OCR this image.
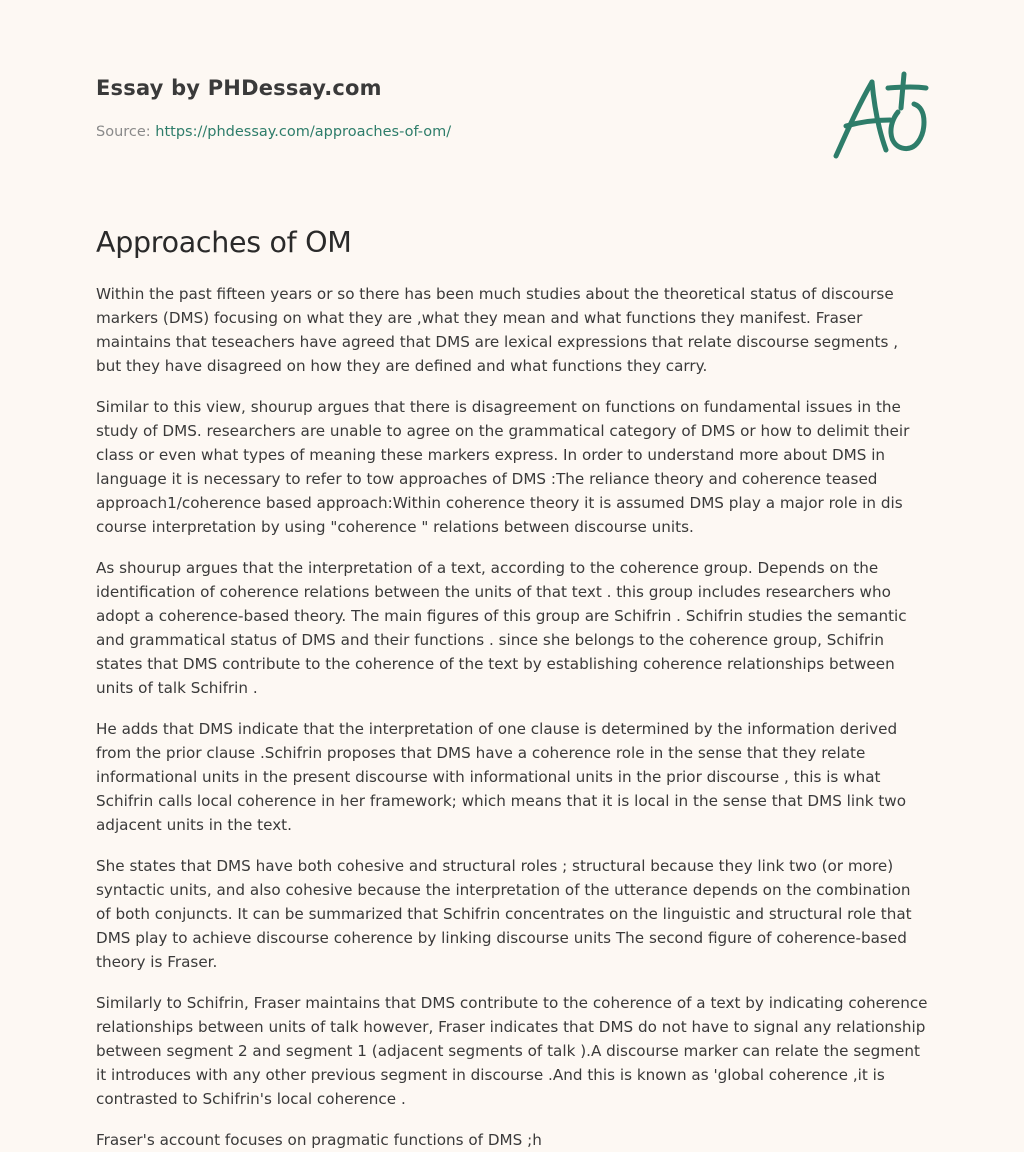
Essay by PHDessay.com
Source: https://phdessay.com/approaches-of-om/
Approaches of OM

Within the past fifteen years or so there has been much studies about the theoretical status of discourse markers (DMS) focusing on what they are ,what they mean and what functions they manifest. Fraser maintains that teseachers have agreed that DMS are lexical expressions that relate discourse segments , but they have disagreed on how they are defined and what functions they carry.

Similar to this view, shourup argues that there is disagreement on functions on fundamental issues in the study of DMS. researchers are unable to agree on the grammatical category of DMS or how to delimit their class or even what types of meaning these markers express. In order to understand more about DMS in language it is necessary to refer to tow approaches of DMS :The reliance theory and coherence teased approach1/coherence based approach:Within coherence theory it is assumed DMS play a major role in dis course interpretation by using "coherence " relations between discourse units.

As shourup argues that the interpretation of a text, according to the coherence group. Depends on the identification of coherence relations between the units of that text . this group includes researchers who adopt a coherence-based theory. The main figures of this group are Schifrin . Schifrin studies the semantic and grammatical status of DMS and their functions . since she belongs to the coherence group, Schifrin states that DMS contribute to the coherence of the text by establishing coherence relationships between units of talk Schifrin .

He adds that DMS indicate that the interpretation of one clause is determined by the information derived from the prior clause .Schifrin proposes that DMS have a coherence role in the sense that they relate informational units in the present discourse with informational units in the prior discourse , this is what Schifrin calls local coherence in her framework; which means that it is local in the sense that DMS link two adjacent units in the text.

She states that DMS have both cohesive and structural roles ; structural because they link two (or more) syntactic units, and also cohesive because the interpretation of the utterance depends on the combination of both conjuncts. It can be summarized that Schifrin concentrates on the linguistic and structural role that DMS play to achieve discourse coherence by linking discourse units The second figure of coherence-based theory is Fraser.

Similarly to Schifrin, Fraser maintains that DMS contribute to the coherence of a text by indicating coherence relationships between units of talk however, Fraser indicates that DMS do not have to signal any relationship between segment 2 and segment 1 (adjacent segments of talk ).A discourse marker can relate the segment it introduces with any other previous segment in discourse .And this is known as 'global coherence ,it is contrasted to Schifrin's local coherence .

Fraser's account focuses on pragmatic functions of DMS ;h
